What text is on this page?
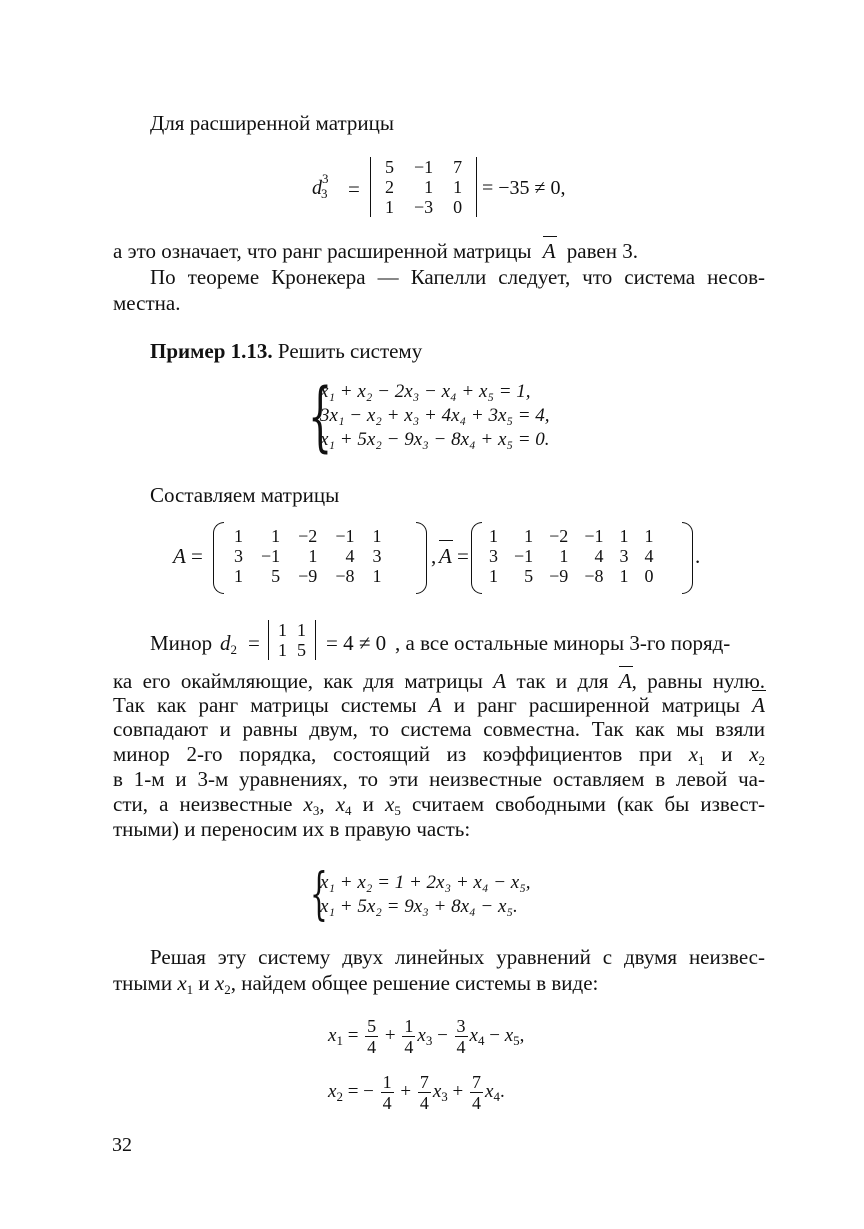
Для расширенной матрицы

$d_3$
3 =
5	−1	7
2	1	1
1	−3	0
= −35 ≠ 0,

а это означает, что ранг расширенной матрицы A равен 3.

По теореме Кронекера — Капелли следует, что система несов-

местна.

Пример 1.13. Решить систему

{
x₁ + x₂ − 2x₃ − x₄ + x₅ = 1,
3x₁ − x₂ + x₃ + 4x₄ + 3x₅ = 4,
x₁ + 5x₂ − 9x₃ − 8x₄ + x₅ = 0.

Составляем матрицы

A =
1	1	−2	−1	1
3	−1	1	4	3
1	5	−9	−8	1
, A =
1	1	−2	−1	1	1
3	−1	1	4	3	4
1	5	−9	−8	1	0
.
Минор $d_2$ =
1	1
1	5 = 4 ≠ 0 , а все остальные миноры 3-го поряд-

ка его окаймляющие, как для матрицы A так и для A
, равны нулю.

Так как ранг матрицы системы A и ранг расширенной матрицы A

совпадают и равны двум, то система совместна. Так как мы взяли

минор 2-го порядка, состоящий из коэффициентов при $x_1$ и $x_2$

в 1-м и 3-м уравнениях, то эти неизвестные оставляем в левой ча-

сти, а неизвестные $x_3$, $x_4$ и $x_5$ считаем свободными (как бы извест-

тными) и переносим их в правую часть:

{
x₁ + x₂ = 1 + 2x₃ + x₄ − x₅,
x₁ + 5x₂ = 9x₃ + 8x₄ − x₅.

Решая эту систему двух линейных уравнений с двумя неизвес-

тными $x_1$ и $x_2$, найдем общее решение системы в виде:

$x_1 = \frac{5}{4} + \frac{1}{4} x_3 - \frac{3}{4} x_4 - x_5$,
$x_2$ = − $\frac{1}{4} + \frac{7}{4} x_3 + \frac{7}{4} x_4$.
32
